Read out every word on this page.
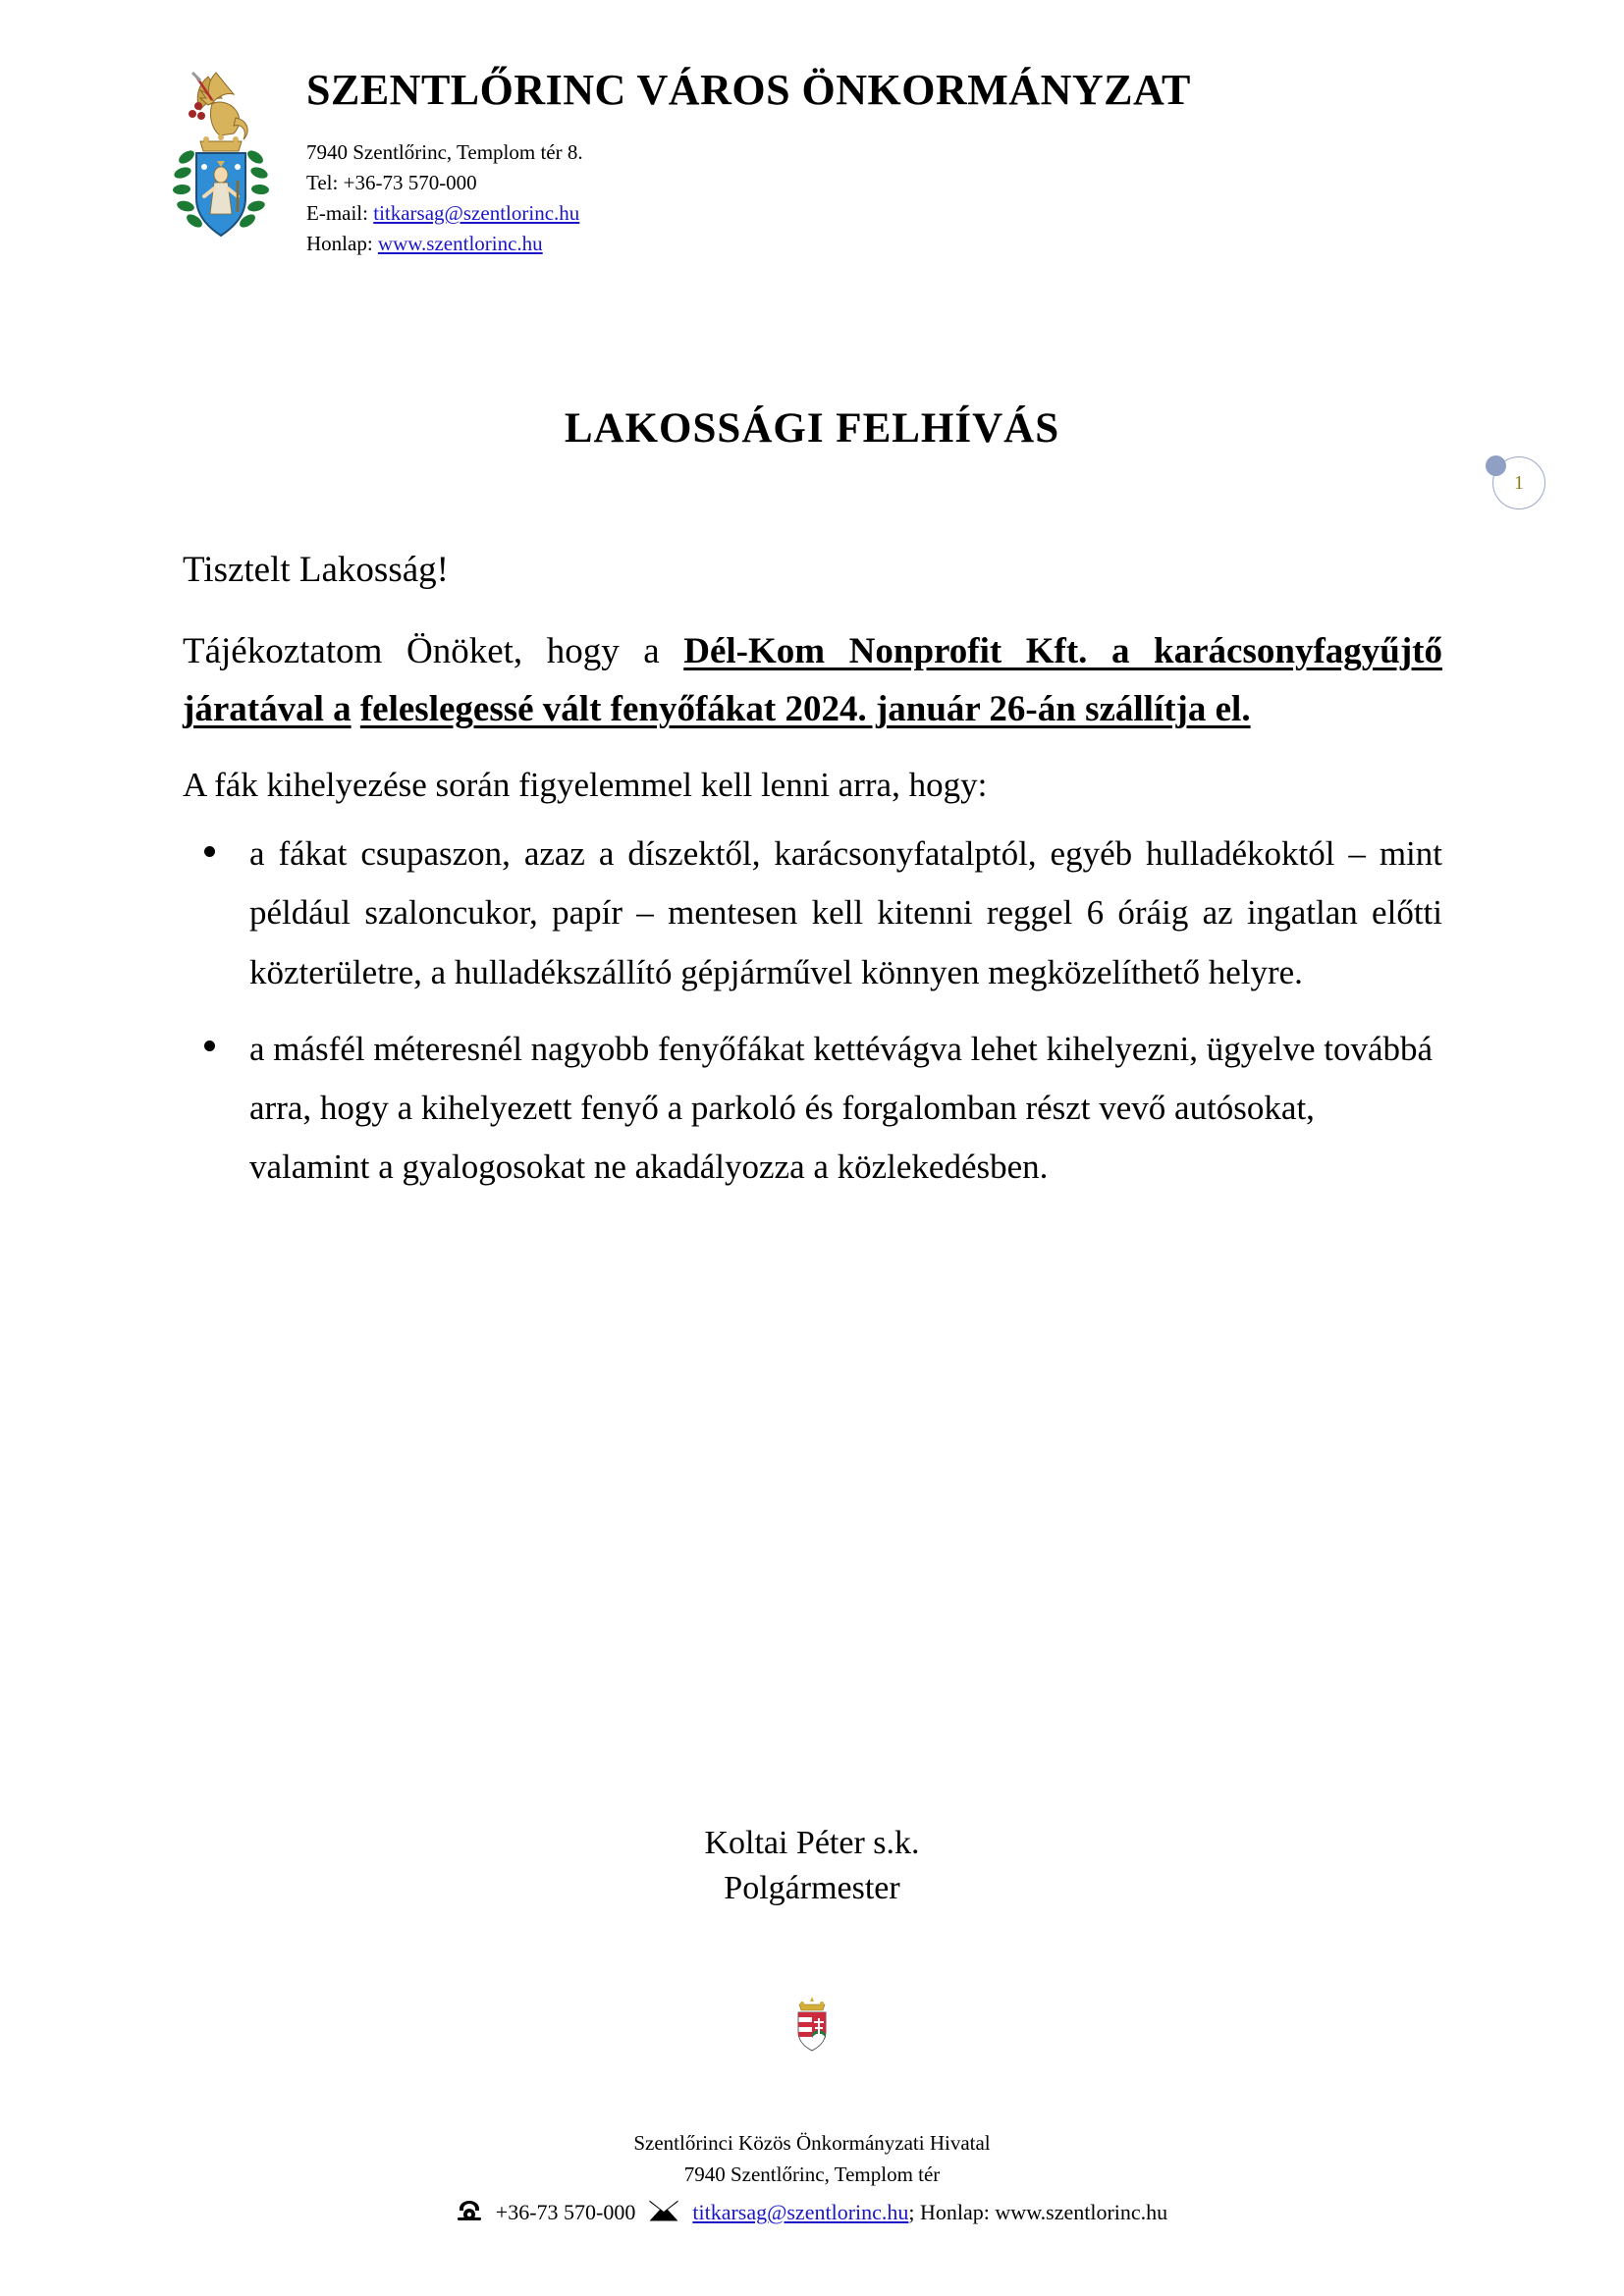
SZENTLŐRINC VÁROS ÖNKORMÁNYZAT
7940 Szentlőrinc, Templom tér 8.
Tel: +36-73 570-000
E-mail: titkarsag@szentlorinc.hu
Honlap: www.szentlorinc.hu
1
LAKOSSÁGI FELHÍVÁS
Tisztelt Lakosság!

Tájékoztatom Önöket, hogy a Dél-Kom Nonprofit Kft. a karácsonyfagyűjtő járatával a feleslegessé vált fenyőfákat 2024. január 26-án szállítja el.

A fák kihelyezése során figyelemmel kell lenni arra, hogy:
a fákat csupaszon, azaz a díszektől, karácsonyfatalptól, egyéb hulladékoktól – mint például szaloncukor, papír – mentesen kell kitenni reggel 6 óráig az ingatlan előtti közterületre, a hulladékszállító gépjárművel könnyen megközelíthető helyre.
a másfél méteresnél nagyobb fenyőfákat kettévágva lehet kihelyezni, ügyelve továbbá arra, hogy a kihelyezett fenyő a parkoló és forgalomban részt vevő autósokat, valamint a gyalogosokat ne akadályozza a közlekedésben.
Koltai Péter s.k.
Polgármester
Szentlőrinci Közös Önkormányzati Hivatal
7940 Szentlőrinc, Templom tér
+36-73 570-000	titkarsag@szentlorinc.hu; Honlap: www.szentlorinc.hu
